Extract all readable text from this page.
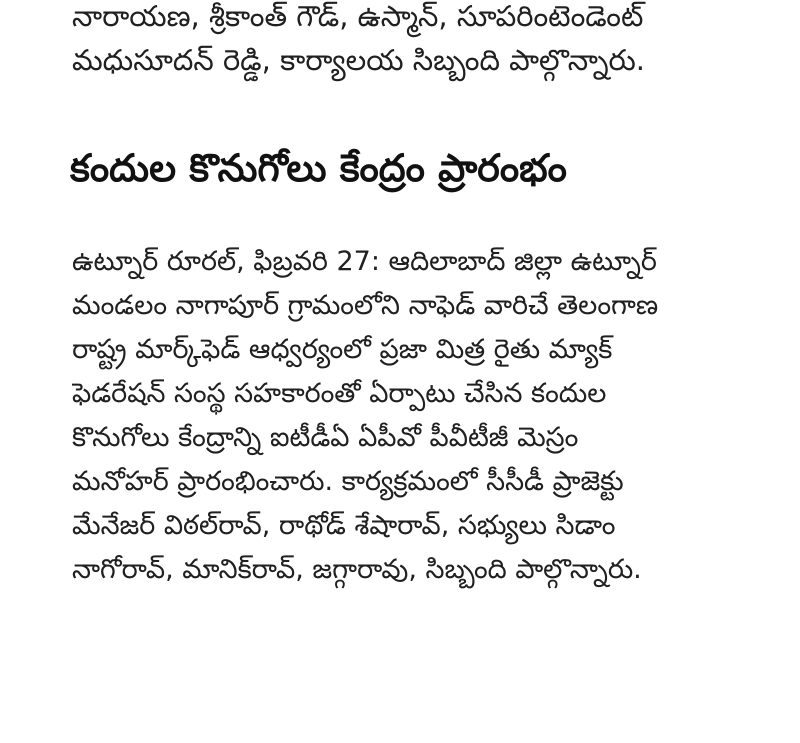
నారాయణ, శ్రీకాంత్ గౌడ్, ఉస్మాన్, సూపరింటెండెంట్
మధుసూదన్ రెడ్డి, కార్యాలయ సిబ్బంది పాల్గొన్నారు.
కందుల కొనుగోలు కేంద్రం ప్రారంభం
ఉట్నూర్ రూరల్, ఫిబ్రవరి 27: ఆదిలాబాద్ జిల్లా ఉట్నూర్
మండలం నాగాపూర్ గ్రామంలోని నాఫెడ్ వారిచే తెలంగాణ
రాష్ట్ర మార్క్‌ఫెడ్ ఆధ్వర్యంలో ప్రజా మిత్ర రైతు మ్యాక్
ఫెడరేషన్ సంస్థ సహకారంతో ఏర్పాటు చేసిన కందుల
కొనుగోలు కేంద్రాన్ని ఐటీడీఏ ఏపీవో పీవీటీజీ మెస్రం
మనోహర్ ప్రారంభించారు. కార్యక్రమంలో సీసీడీ ప్రాజెక్టు
మేనేజర్ విఠల్‌రావ్, రాథోడ్ శేషారావ్, సభ్యులు సిడాం
నాగోరావ్, మానిక్‌రావ్, జగ్గారావు, సిబ్బంది పాల్గొన్నారు.
